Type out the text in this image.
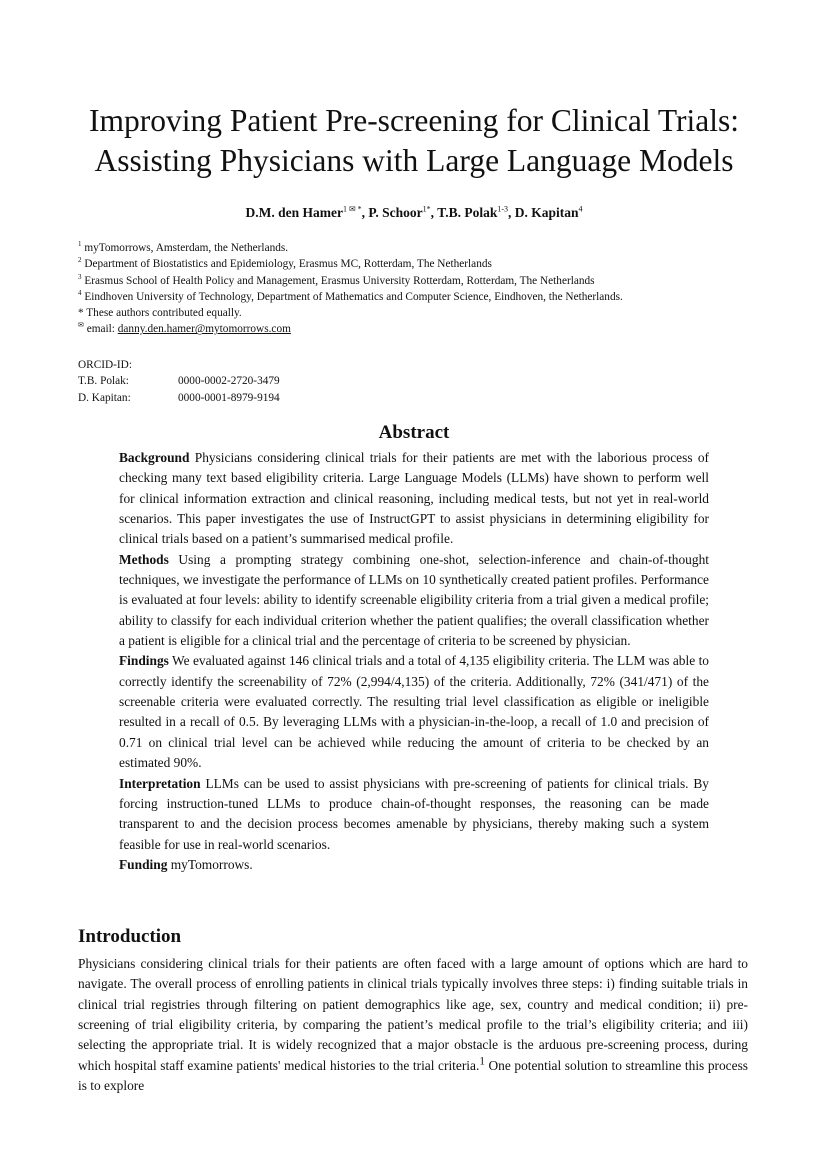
Improving Patient Pre-screening for Clinical Trials:
Assisting Physicians with Large Language Models
D.M. den Hamer$^{1 ✉ *}$, P. Schoor$^{1*}$, T.B. Polak$^{1-3}$, D. Kapitan$^4$
$^1$ myTomorrows, Amsterdam, the Netherlands.
$^2$ Department of Biostatistics and Epidemiology, Erasmus MC, Rotterdam, The Netherlands
$^3$ Erasmus School of Health Policy and Management, Erasmus University Rotterdam, Rotterdam, The Netherlands
$^4$ Eindhoven University of Technology, Department of Mathematics and Computer Science, Eindhoven, the Netherlands.
* These authors contributed equally.
✉ email: danny.den.hamer@mytomorrows.com
ORCID-ID:
T.B. Polak:	0000-0002-2720-3479
D. Kapitan:	0000-0001-8979-9194
Abstract

Background Physicians considering clinical trials for their patients are met with the laborious process of checking many text based eligibility criteria. Large Language Models (LLMs) have shown to perform well for clinical information extraction and clinical reasoning, including medical tests, but not yet in real-world scenarios. This paper investigates the use of InstructGPT to assist physicians in determining eligibility for clinical trials based on a patient’s summarised medical profile.

Methods Using a prompting strategy combining one-shot, selection-inference and chain-of-thought techniques, we investigate the performance of LLMs on 10 synthetically created patient profiles. Performance is evaluated at four levels: ability to identify screenable eligibility criteria from a trial given a medical profile; ability to classify for each individual criterion whether the patient qualifies; the overall classification whether a patient is eligible for a clinical trial and the percentage of criteria to be screened by physician.

Findings We evaluated against 146 clinical trials and a total of 4,135 eligibility criteria. The LLM was able to correctly identify the screenability of 72% (2,994/4,135) of the criteria. Additionally, 72% (341/471) of the screenable criteria were evaluated correctly. The resulting trial level classification as eligible or ineligible resulted in a recall of 0.5. By leveraging LLMs with a physician-in-the-loop, a recall of 1.0 and precision of 0.71 on clinical trial level can be achieved while reducing the amount of criteria to be checked by an estimated 90%.

Interpretation LLMs can be used to assist physicians with pre-screening of patients for clinical trials. By forcing instruction-tuned LLMs to produce chain-of-thought responses, the reasoning can be made transparent to and the decision process becomes amenable by physicians, thereby making such a system feasible for use in real-world scenarios.

Funding myTomorrows.

Introduction

Physicians considering clinical trials for their patients are often faced with a large amount of options which are hard to navigate. The overall process of enrolling patients in clinical trials typically involves three steps: i) finding suitable trials in clinical trial registries through filtering on patient demographics like age, sex, country and medical condition; ii) pre-screening of trial eligibility criteria, by comparing the patient’s medical profile to the trial’s eligibility criteria; and iii) selecting the appropriate trial. It is widely recognized that a major obstacle is the arduous pre-screening process, during which hospital staff examine patients' medical histories to the trial criteria.$^1$ One potential solution to streamline this process is to explore
